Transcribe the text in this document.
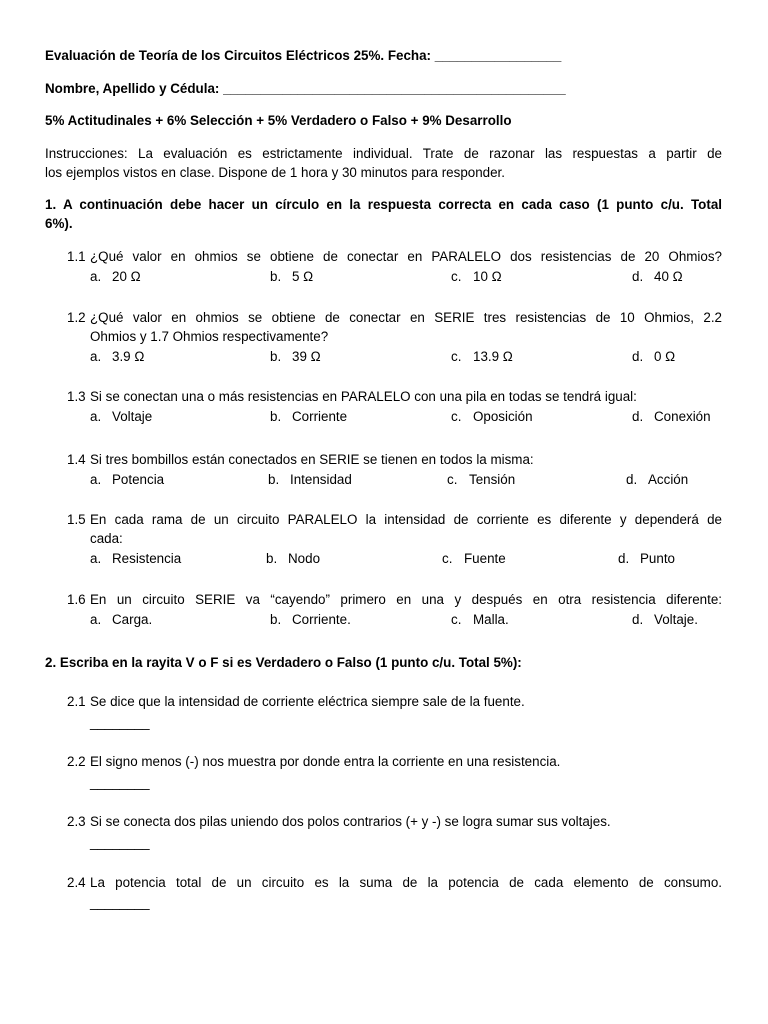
Evaluación de Teoría de los Circuitos Eléctricos 25%. Fecha: _________________
Nombre, Apellido y Cédula: ______________________________________________
5% Actitudinales + 6% Selección + 5% Verdadero o Falso + 9% Desarrollo
Instrucciones: La evaluación es estrictamente individual. Trate de razonar las respuestas a partir de
los ejemplos vistos en clase. Dispone de 1 hora y 30 minutos para responder.
1. A continuación debe hacer un círculo en la respuesta correcta en cada caso (1 punto c/u. Total
6%).
1.1 ¿Qué valor en ohmios se obtiene de conectar en PARALELO dos resistencias de 20 Ohmios?
a. 20 Ω	b. 5 Ω	c. 10 Ω	d. 40 Ω
1.2 ¿Qué valor en ohmios se obtiene de conectar en SERIE tres resistencias de 10 Ohmios, 2.2
Ohmios y 1.7 Ohmios respectivamente?
a. 3.9 Ω	b. 39 Ω	c. 13.9 Ω	d. 0 Ω
1.3 Si se conectan una o más resistencias en PARALELO con una pila en todas se tendrá igual:
a. Voltaje	b. Corriente	c. Oposición	d. Conexión
1.4 Si tres bombillos están conectados en SERIE se tienen en todos la misma:
a. Potencia	b. Intensidad	c. Tensión	d. Acción
1.5 En cada rama de un circuito PARALELO la intensidad de corriente es diferente y dependerá de
cada:
a. Resistencia	b. Nodo	c. Fuente	d. Punto
1.6 En un circuito SERIE va “cayendo” primero en una y después en otra resistencia diferente:
a. Carga.	b. Corriente.	c. Malla.	d. Voltaje.
2. Escriba en la rayita V o F si es Verdadero o Falso (1 punto c/u. Total 5%):
2.1 Se dice que la intensidad de corriente eléctrica siempre sale de la fuente.
________
2.2 El signo menos (-) nos muestra por donde entra la corriente en una resistencia.
________
2.3 Si se conecta dos pilas uniendo dos polos contrarios (+ y -) se logra sumar sus voltajes.
________
2.4 La potencia total de un circuito es la suma de la potencia de cada elemento de consumo.
________
